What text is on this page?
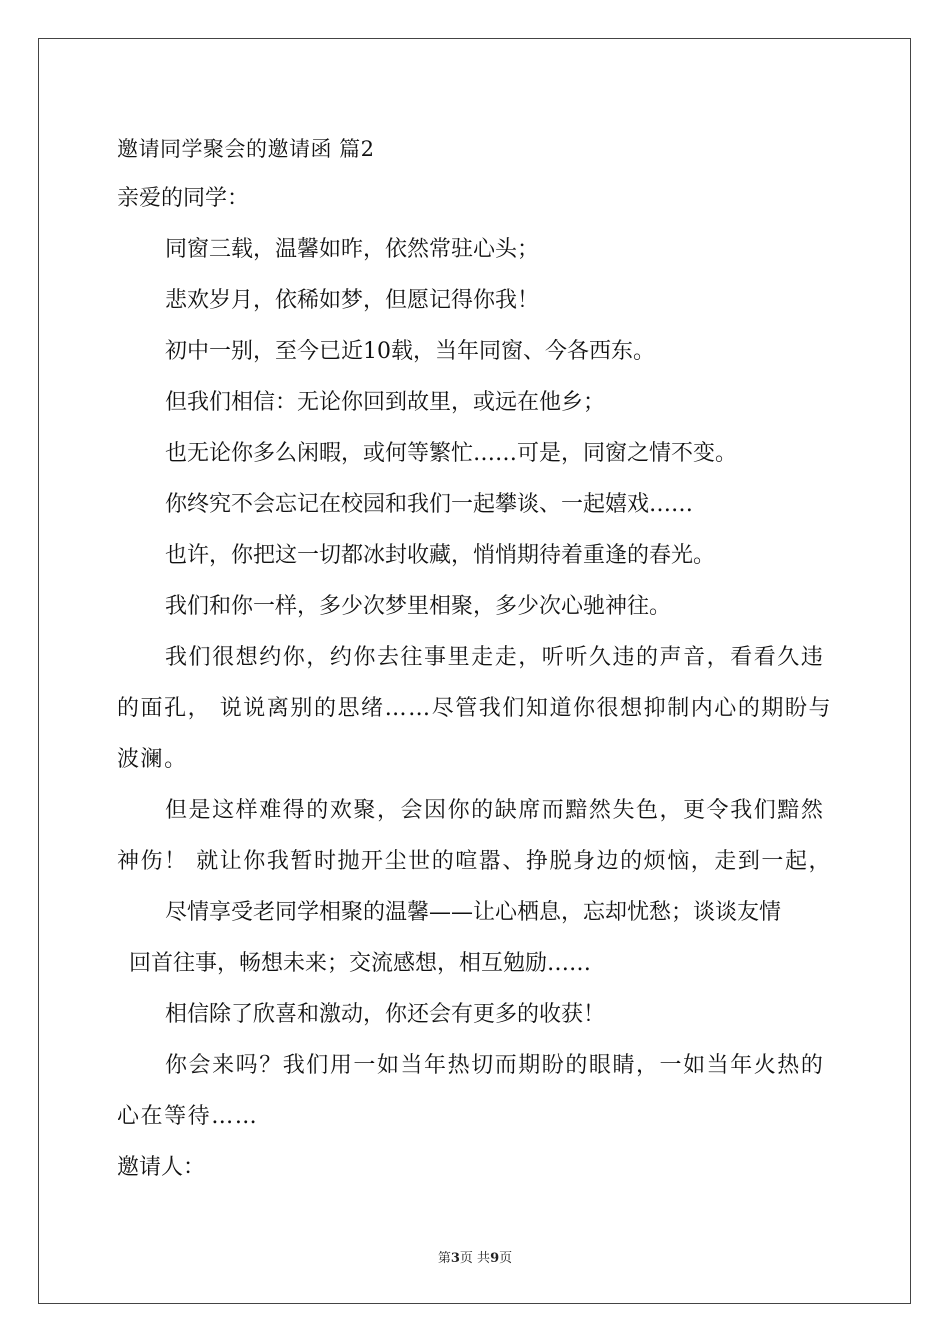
邀请同学聚会的邀请函 篇2

亲爱的同学：

同窗三载，温馨如昨，依然常驻心头；

悲欢岁月，依稀如梦，但愿记得你我！

初中一别，至今已近10载，当年同窗、今各西东。

但我们相信：无论你回到故里，或远在他乡；

也无论你多么闲暇，或何等繁忙……可是，同窗之情不变。

你终究不会忘记在校园和我们一起攀谈、一起嬉戏……

也许，你把这一切都冰封收藏，悄悄期待着重逢的春光。

我们和你一样，多少次梦里相聚，多少次心驰神往。

我们很想约你，约你去往事里走走，听听久违的声音，看看久违的面孔， 说说离别的思绪……尽管我们知道你很想抑制内心的期盼与波澜。

但是这样难得的欢聚，会因你的缺席而黯然失色，更令我们黯然神伤！ 就让你我暂时抛开尘世的喧嚣、挣脱身边的烦恼，走到一起，

尽情享受老同学相聚的温馨——让心栖息，忘却忧愁；谈谈友情

回首往事，畅想未来；交流感想，相互勉励……

相信除了欣喜和激动，你还会有更多的收获！

你会来吗？我们用一如当年热切而期盼的眼睛，一如当年火热的心在等待……

邀请人：

第3页 共9页
